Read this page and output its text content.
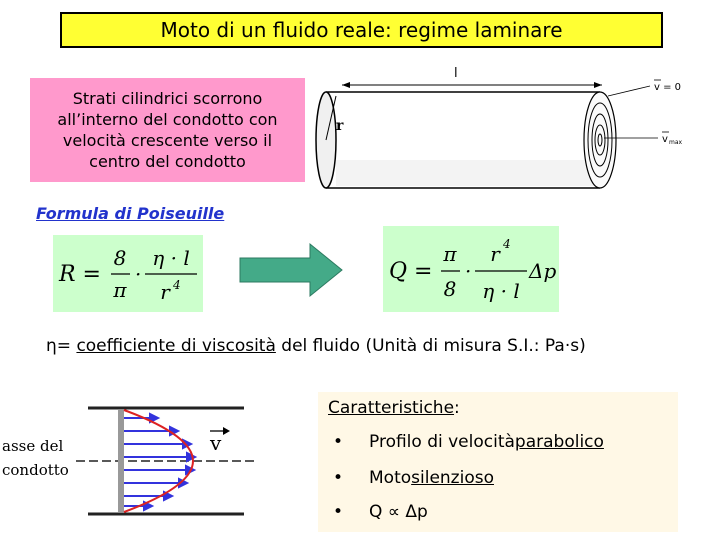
Moto di un fluido reale: regime laminare
Strati cilindrici scorrono all’interno del condotto con velocità crescente verso il centro del condotto
l
r
v = 0
v max
Formula di Poiseuille
R =
8
π
·
η · l
r 4
Q =
π
8
·
r 4
η · l
Δp
η= coefficiente di viscosità del fluido (Unità di misura S.I.: Pa·s)
v
asse del
condotto
Caratteristiche:
•	Profilo di velocità parabolico
•	Moto silenzioso
•	Q ∝ Δp
